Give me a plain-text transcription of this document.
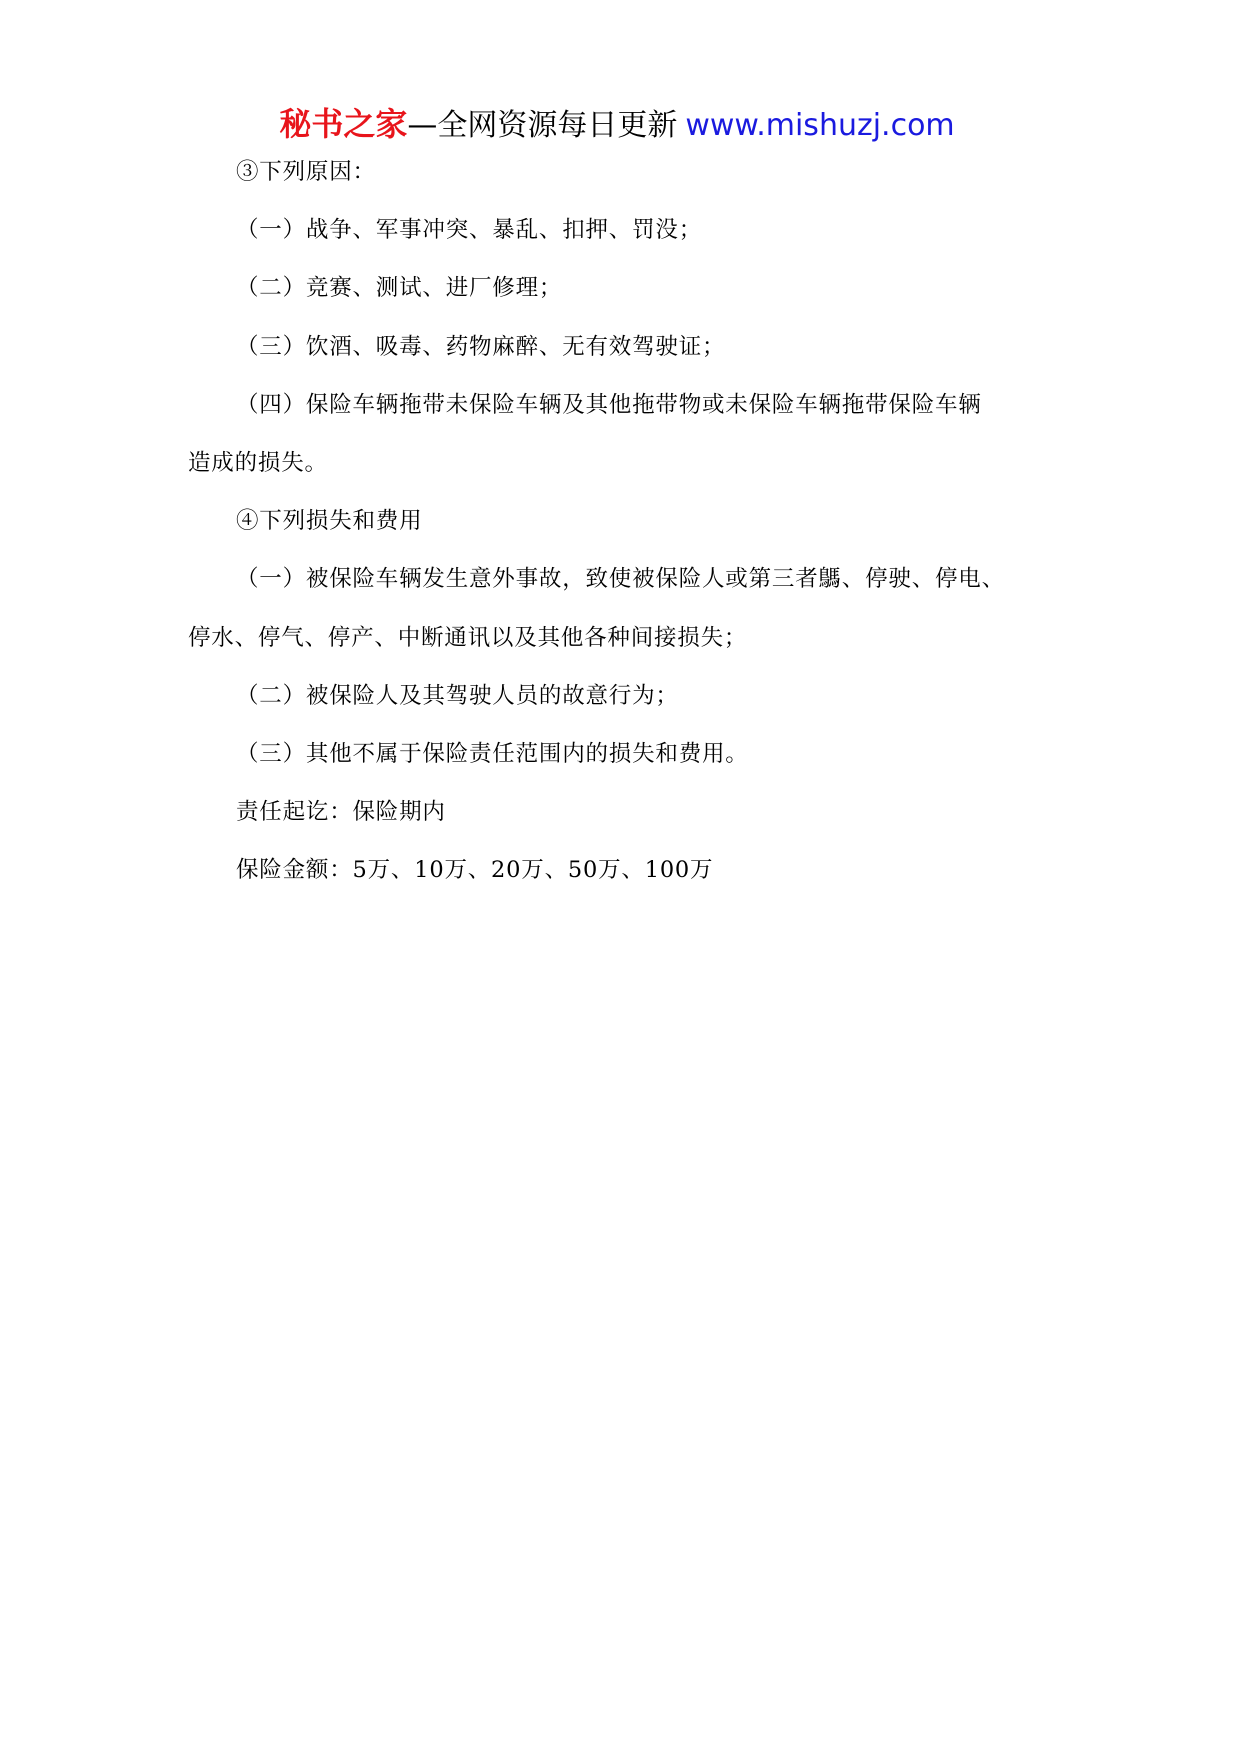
秘书之家—全网资源每日更新 www.mishuzj.com

③下列原因：

（一）战争、军事冲突、暴乱、扣押、罚没；

（二）竞赛、测试、进厂修理；

（三）饮酒、吸毒、药物麻醉、无有效驾驶证；

（四）保险车辆拖带未保险车辆及其他拖带物或未保险车辆拖带保险车辆

造成的损失。

④下列损失和费用

（一）被保险车辆发生意外事故，致使被保险人或第三者鷌、停驶、停电、

停水、停气、停产、中断通讯以及其他各种间接损失；

（二）被保险人及其驾驶人员的故意行为；

（三）其他不属于保险责任范围内的损失和费用。

责任起讫：保险期内

保险金额：5万、10万、20万、50万、100万
